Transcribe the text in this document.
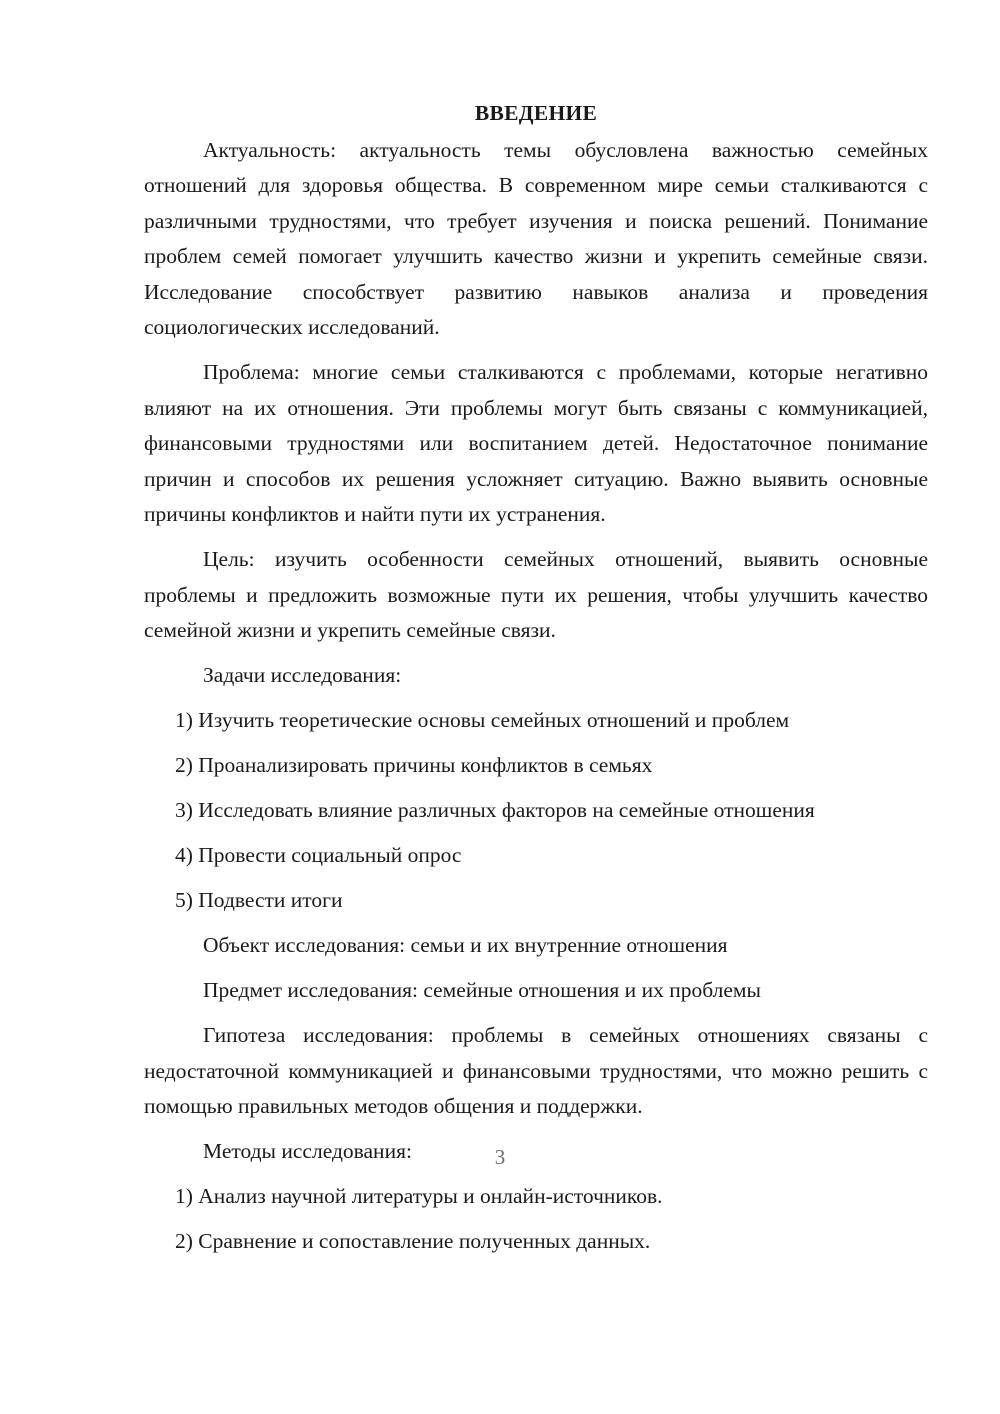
ВВЕДЕНИЕ

Актуальность: актуальность темы обусловлена важностью семейных отношений для здоровья общества. В современном мире семьи сталкиваются с различными трудностями, что требует изучения и поиска решений. Понимание проблем семей помогает улучшить качество жизни и укрепить семейные связи. Исследование способствует развитию навыков анализа и проведения социологических исследований.

Проблема: многие семьи сталкиваются с проблемами, которые негативно влияют на их отношения. Эти проблемы могут быть связаны с коммуникацией, финансовыми трудностями или воспитанием детей. Недостаточное понимание причин и способов их решения усложняет ситуацию. Важно выявить основные причины конфликтов и найти пути их устранения.

Цель: изучить особенности семейных отношений, выявить основные проблемы и предложить возможные пути их решения, чтобы улучшить качество семейной жизни и укрепить семейные связи.

Задачи исследования:
1) Изучить теоретические основы семейных отношений и проблем
2) Проанализировать причины конфликтов в семьях
3) Исследовать влияние различных факторов на семейные отношения
4) Провести социальный опрос
5) Подвести итоги
Объект исследования: семьи и их внутренние отношения
Предмет исследования: семейные отношения и их проблемы

Гипотеза исследования: проблемы в семейных отношениях связаны с недостаточной коммуникацией и финансовыми трудностями, что можно решить с помощью правильных методов общения и поддержки.

Методы исследования:
1) Анализ научной литературы и онлайн-источников.
2) Сравнение и сопоставление полученных данных.
3
